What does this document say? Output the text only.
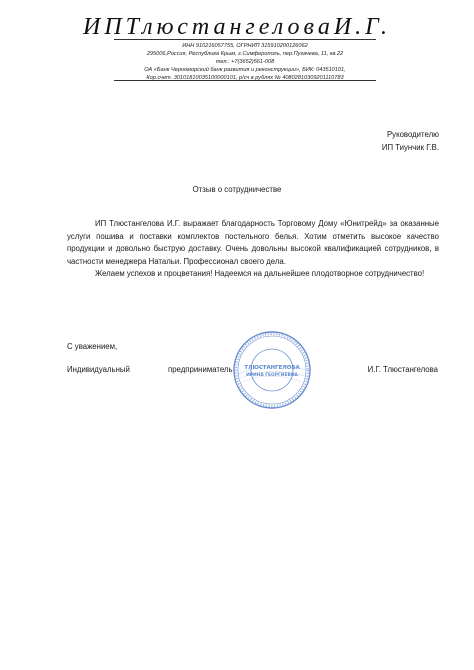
ИПТлюстангеловаИ.Г.
ИНН 910216057755, ОГРНИП 315910200126062
295006,Россия, Республика Крым, г.Симферополь, пер.Пугачева, 11, кв.22
тел.: +7(3652)561-008
ОА «Банк Черноморский банк развития и реконструкции», БИК: 043510101,
Кор.счет. 30101810035100000101, р/сч в рублях № 40802810309201110783
Руководителю
ИП Тиунчик Г.В.
Отзыв о сотрудничестве

ИП Тлюстангелова И.Г. выражает благодарность Торговому Дому «Юнитрейд» за оказанные услуги пошива и поставки комплектов постельного белья. Хотим отметить высокое качество продукции и довольно быструю доставку. Очень довольны высокой квалификацией сотрудников, в частности менеджера Натальи. Профессионал своего дела.

Желаем успехов и процветания! Надеемся на дальнейшее плодотворное сотрудничество!

С уважением,
Индивидуальный	предприниматель	И.Г. Тлюстангелова
ТЛЮСТАНГЕЛОВА
ИРИНА ГЕОРГИЕВНА
